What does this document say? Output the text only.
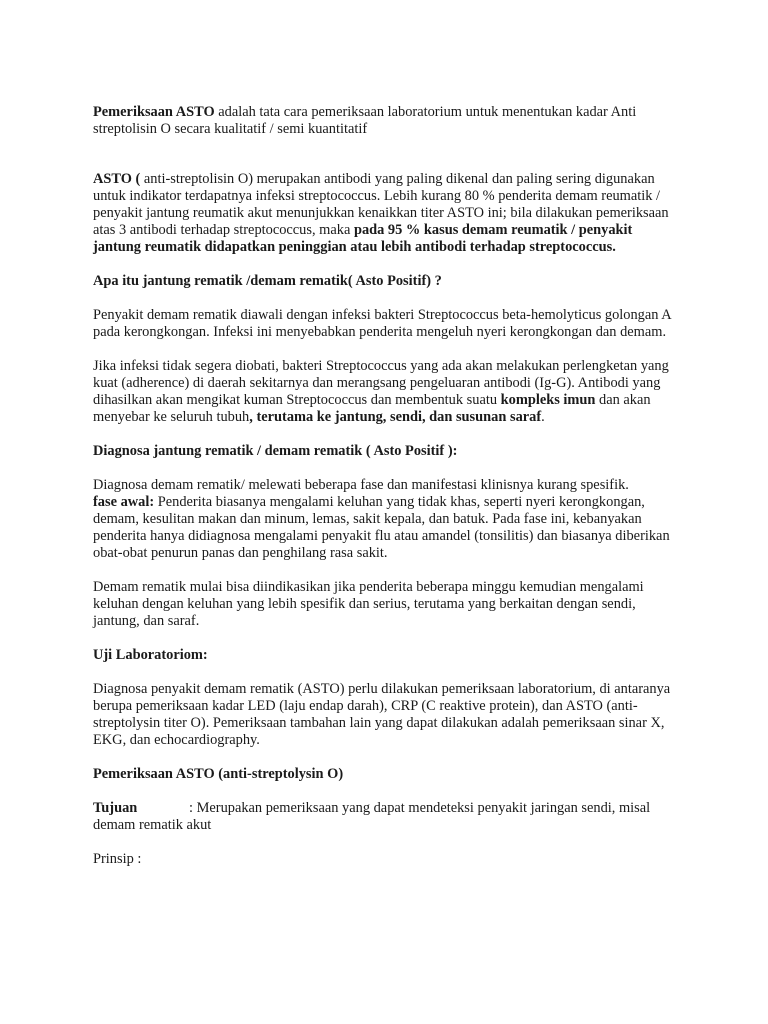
Pemeriksaan ASTO adalah tata cara pemeriksaan laboratorium untuk menentukan kadar Anti streptolisin O secara kualitatif / semi kuantitatif

ASTO ( anti-streptolisin O) merupakan antibodi yang paling dikenal dan paling sering digunakan untuk indikator terdapatnya infeksi streptococcus. Lebih kurang 80 % penderita demam reumatik / penyakit jantung reumatik akut menunjukkan kenaikkan titer ASTO ini; bila dilakukan pemeriksaan atas 3 antibodi terhadap streptococcus, maka pada 95 % kasus demam reumatik / penyakit jantung reumatik didapatkan peninggian atau lebih antibodi terhadap streptococcus.

Apa itu jantung rematik /demam rematik( Asto Positif) ?

Penyakit demam rematik diawali dengan infeksi bakteri Streptococcus beta-hemolyticus golongan A pada kerongkongan. Infeksi ini menyebabkan penderita mengeluh nyeri kerongkongan dan demam.

Jika infeksi tidak segera diobati, bakteri Streptococcus yang ada akan melakukan perlengketan yang kuat (adherence) di daerah sekitarnya dan merangsang pengeluaran antibodi (Ig-G). Antibodi yang dihasilkan akan mengikat kuman Streptococcus dan membentuk suatu kompleks imun dan akan menyebar ke seluruh tubuh, terutama ke jantung, sendi, dan susunan saraf.

Diagnosa jantung rematik / demam rematik ( Asto Positif ):

Diagnosa demam rematik/ melewati beberapa fase dan manifestasi klinisnya kurang spesifik.
fase awal: Penderita biasanya mengalami keluhan yang tidak khas, seperti nyeri kerongkongan, demam, kesulitan makan dan minum, lemas, sakit kepala, dan batuk. Pada fase ini, kebanyakan penderita hanya didiagnosa mengalami penyakit flu atau amandel (tonsilitis) dan biasanya diberikan obat-obat penurun panas dan penghilang rasa sakit.

Demam rematik mulai bisa diindikasikan jika penderita beberapa minggu kemudian mengalami keluhan dengan keluhan yang lebih spesifik dan serius, terutama yang berkaitan dengan sendi, jantung, dan saraf.

Uji Laboratoriom:

Diagnosa penyakit demam rematik (ASTO) perlu dilakukan pemeriksaan laboratorium, di antaranya berupa pemeriksaan kadar LED (laju endap darah), CRP (C reaktive protein), dan ASTO (anti-streptolysin titer O). Pemeriksaan tambahan lain yang dapat dilakukan adalah pemeriksaan sinar X, EKG, dan echocardiography.

Pemeriksaan ASTO (anti-streptolysin O)

Tujuan	: Merupakan pemeriksaan yang dapat mendeteksi penyakit jaringan sendi, misal demam rematik akut

Prinsip :
